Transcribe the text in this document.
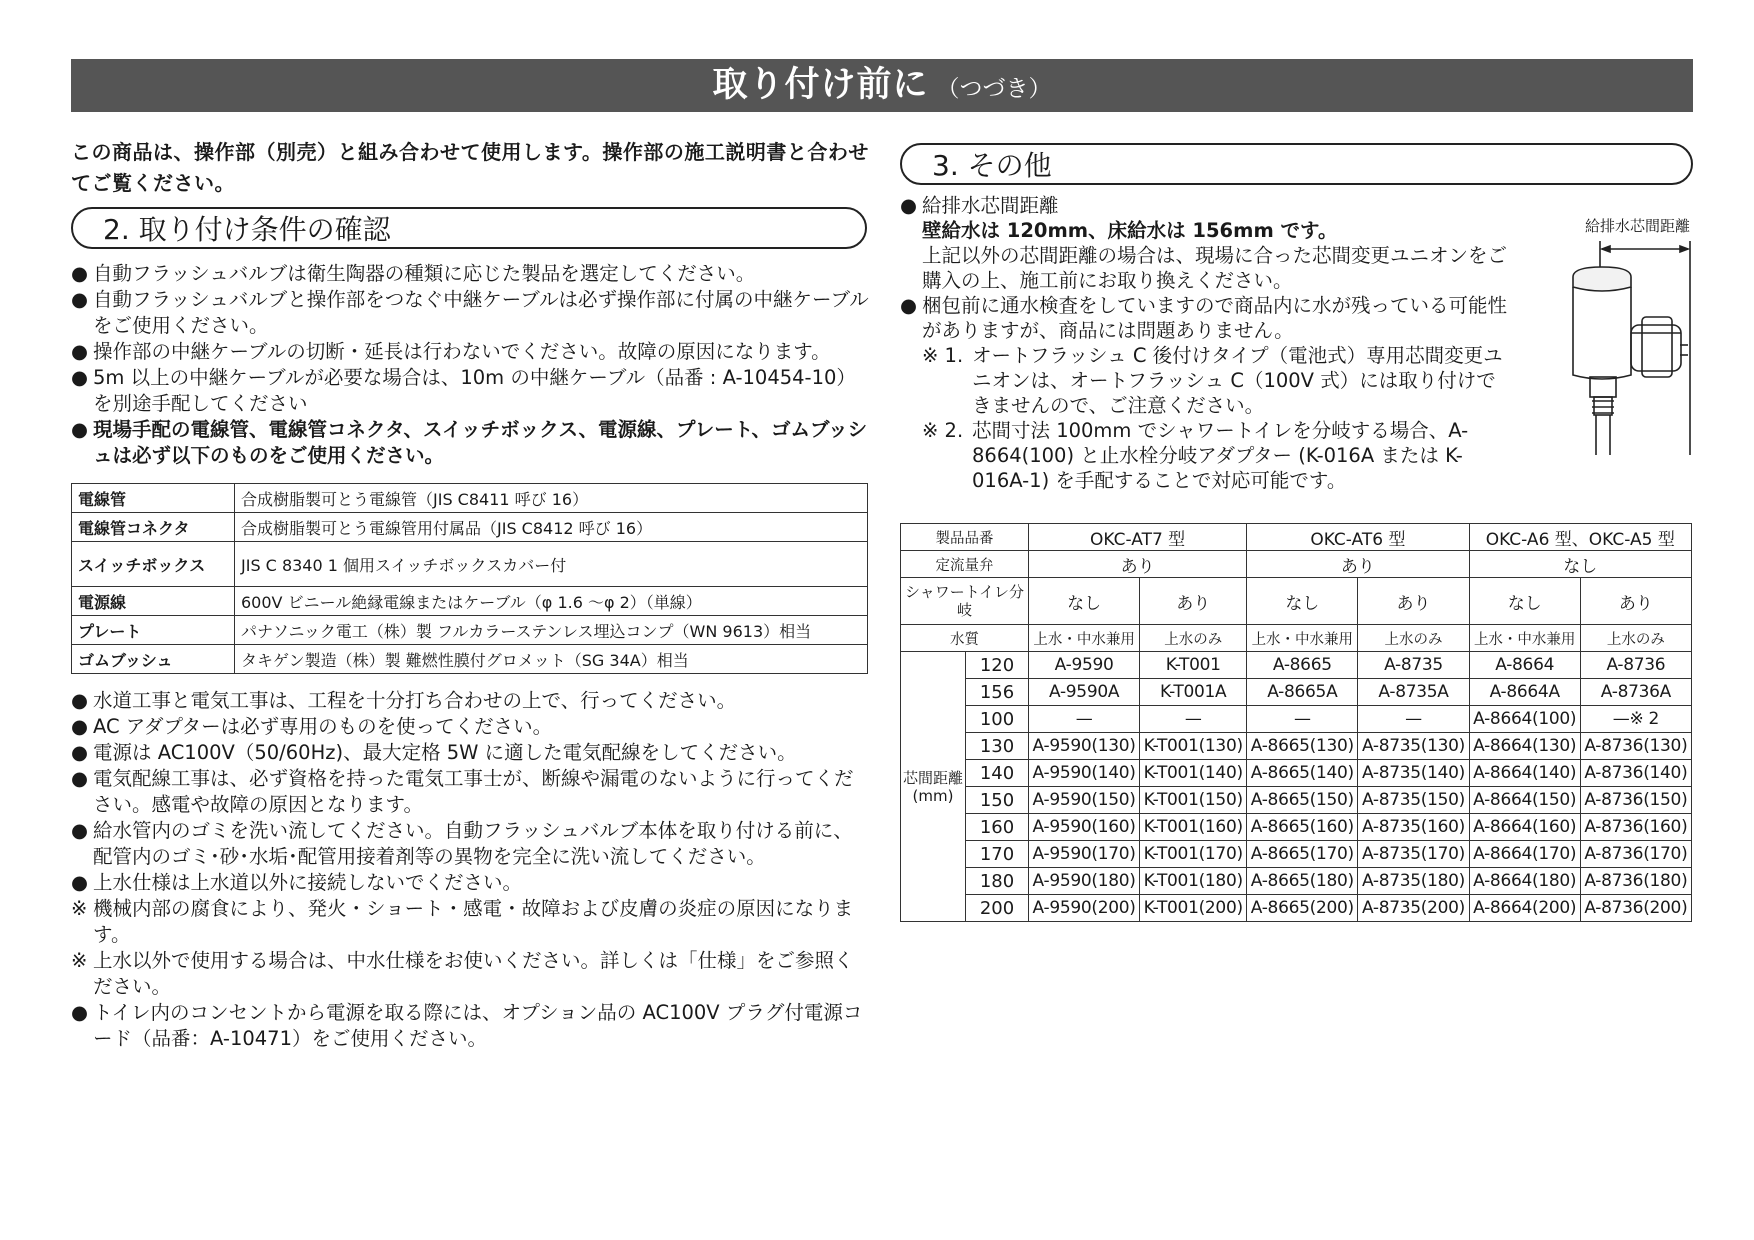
取り付け前に （つづき）
この商品は、操作部（別売）と組み合わせて使用します。操作部の施工説明書と合わせてご覧ください。
2. 取り付け条件の確認
● 自動フラッシュバルブは衛生陶器の種類に応じた製品を選定してください。
● 自動フラッシュバルブと操作部をつなぐ中継ケーブルは必ず操作部に付属の中継ケーブルをご使用ください。
● 操作部の中継ケーブルの切断・延長は行わないでください。故障の原因になります。
● 5m 以上の中継ケーブルが必要な場合は、10m の中継ケーブル（品番 : A-10454-10）を別途手配してください
● 現場手配の電線管、電線管コネクタ、スイッチボックス、電源線、プレート、ゴムブッシュは必ず以下のものをご使用ください。
電線管	合成樹脂製可とう電線管（JIS C8411 呼び 16）
電線管コネクタ	合成樹脂製可とう電線管用付属品（JIS C8412 呼び 16）
スイッチボックス	JIS C 8340 1 個用スイッチボックスカバー付
電源線	600V ビニール絶縁電線またはケーブル（φ 1.6 ～φ 2）（単線）
プレート	パナソニック電工（株）製 フルカラーステンレス埋込コンプ（WN 9613）相当
ゴムブッシュ	タキゲン製造（株）製 難燃性膜付グロメット（SG 34A）相当
● 水道工事と電気工事は、工程を十分打ち合わせの上で、行ってください。
● AC アダプターは必ず専用のものを使ってください。
● 電源は AC100V（50/60Hz)、最大定格 5W に適した電気配線をしてください。
● 電気配線工事は、必ず資格を持った電気工事士が、断線や漏電のないように行ってください。感電や故障の原因となります。
● 給水管内のゴミを洗い流してください。自動フラッシュバルブ本体を取り付ける前に、配管内のゴミ･砂･水垢･配管用接着剤等の異物を完全に洗い流してください。
● 上水仕様は上水道以外に接続しないでください。
※ 機械内部の腐食により、発火・ショート・感電・故障および皮膚の炎症の原因になります。
※ 上水以外で使用する場合は、中水仕様をお使いください。詳しくは「仕様」をご参照ください。
● トイレ内のコンセントから電源を取る際には、オプション品の AC100V プラグ付電源コード（品番：A-10471）をご使用ください。
3. その他
● 給排水芯間距離
壁給水は 120mm、床給水は 156mm です。
上記以外の芯間距離の場合は、現場に合った芯間変更ユニオンをご購入の上、施工前にお取り換えください。
● 梱包前に通水検査をしていますので商品内に水が残っている可能性がありますが、商品には問題ありません。
※ 1. オートフラッシュ C 後付けタイプ（電池式）専用芯間変更ユニオンは、オートフラッシュ C（100V 式）には取り付けできませんので、ご注意ください。
※ 2. 芯間寸法 100mm でシャワートイレを分岐する場合、A-8664(100) と止水栓分岐アダプター (K-016A または K-016A-1) を手配することで対応可能です。
給排水芯間距離
製品品番		OKC-AT7 型		OKC-AT6 型		OKC-A6 型、OKC-A5 型	
定流量弁		あり		あり		なし	
シャワートイレ分岐		なし	あり	なし	あり	なし	あり
水質		上水・中水兼用	上水のみ	上水・中水兼用	上水のみ	上水・中水兼用	上水のみ
芯間距離(mm)	120	A-9590	K-T001	A-8665	A-8735	A-8664	A-8736
	156	A-9590A	K-T001A	A-8665A	A-8735A	A-8664A	A-8736A
	100	—	—	—	—	A-8664(100)	—※ 2
	130	A-9590(130)	K-T001(130)	A-8665(130)	A-8735(130)	A-8664(130)	A-8736(130)
	140	A-9590(140)	K-T001(140)	A-8665(140)	A-8735(140)	A-8664(140)	A-8736(140)
	150	A-9590(150)	K-T001(150)	A-8665(150)	A-8735(150)	A-8664(150)	A-8736(150)
	160	A-9590(160)	K-T001(160)	A-8665(160)	A-8735(160)	A-8664(160)	A-8736(160)
	170	A-9590(170)	K-T001(170)	A-8665(170)	A-8735(170)	A-8664(170)	A-8736(170)
	180	A-9590(180)	K-T001(180)	A-8665(180)	A-8735(180)	A-8664(180)	A-8736(180)
	200	A-9590(200)	K-T001(200)	A-8665(200)	A-8735(200)	A-8664(200)	A-8736(200)
